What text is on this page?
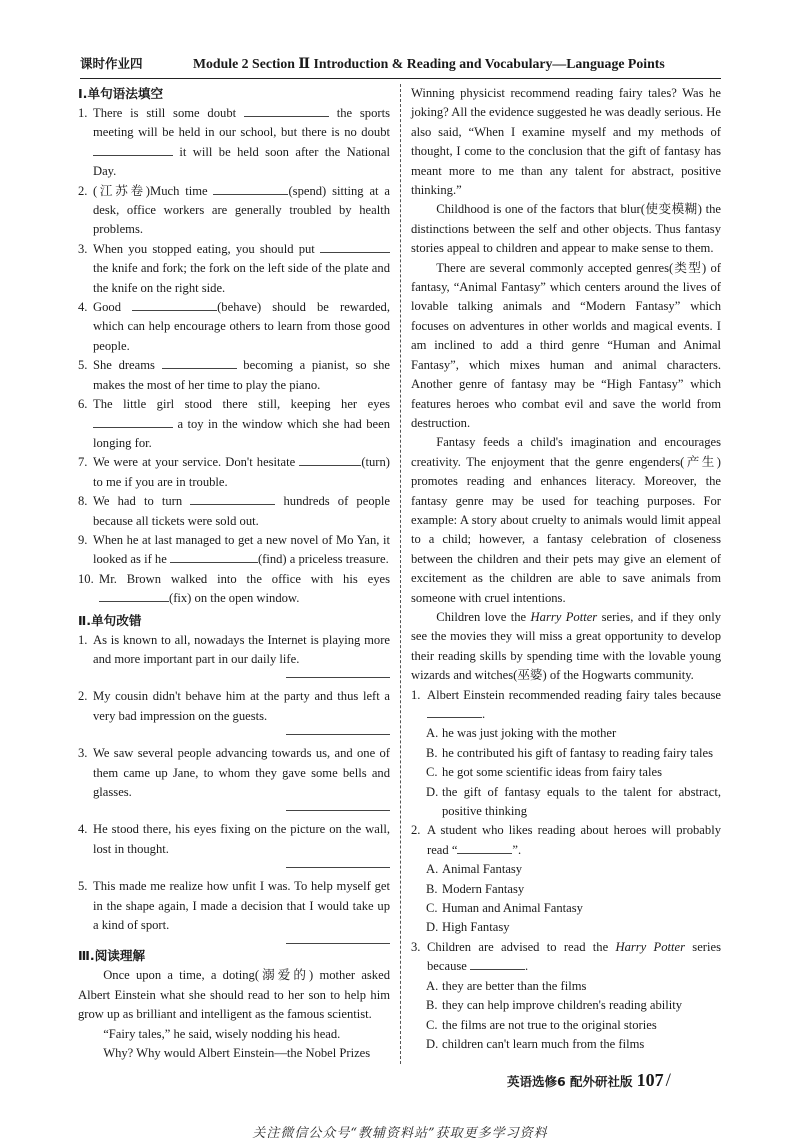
课时作业四	Module 2 Section Ⅱ Introduction & Reading and Vocabulary—Language Points
Ⅰ.单句语法填空
1. There is still some doubt	the sports meeting will be held in our school, but there is no doubt  it will be held soon after the National Day.
2. (江苏卷)Much time	(spend) sitting at a desk, office workers are generally troubled by health problems.
3. When you stopped eating, you should put  the knife and fork; the fork on the left side of the plate and the knife on the right side.
4. Good	(behave) should be rewarded, which can help encourage others to learn from those good people.
5. She dreams	becoming a pianist, so she makes the most of her time to play the piano.
6. The little girl stood there still, keeping her eyes  a toy in the window which she had been longing for.
7. We were at your service. Don't hesitate	(turn) to me if you are in trouble.
8. We had to turn	hundreds of people because all tickets were sold out.
9. When he at last managed to get a new novel of Mo Yan, it looked as if he	(find) a priceless treasure.
10. Mr. Brown walked into the office with his eyes (fix) on the open window.
Ⅱ.单句改错
1. As is known to all, nowadays the Internet is playing more and more important part in our daily life.
2. My cousin didn't behave him at the party and thus left a very bad impression on the guests.
3. We saw several people advancing towards us, and one of them came up Jane, to whom they gave some bells and glasses.
4. He stood there, his eyes fixing on the picture on the wall, lost in thought.
5. This made me realize how unfit I was. To help myself get in the shape again, I made a decision that I would take up a kind of sport.
Ⅲ.阅读理解
Once upon a time, a doting(溺爱的) mother asked Albert Einstein what she should read to her son to help him grow up as brilliant and intelligent as the famous scientist.
“Fairy tales,” he said, wisely nodding his head.
Why? Why would Albert Einstein—the Nobel Prizes
Winning physicist recommend reading fairy tales? Was he joking? All the evidence suggested he was deadly serious. He also said, “When I examine myself and my methods of thought, I come to the conclusion that the gift of fantasy has meant more to me than any talent for abstract, positive thinking.”
Childhood is one of the factors that blur(使变模糊) the distinctions between the self and other objects. Thus fantasy stories appeal to children and appear to make sense to them.
There are several commonly accepted genres(类型) of fantasy, “Animal Fantasy” which centers around the lives of lovable talking animals and “Modern Fantasy” which focuses on adventures in other worlds and magical events. I am inclined to add a third genre “Human and Animal Fantasy”, which mixes human and animal characters. Another genre of fantasy may be “High Fantasy” which features heroes who combat evil and save the world from destruction.
Fantasy feeds a child's imagination and encourages creativity. The enjoyment that the genre engenders(产生) promotes reading and enhances literacy. Moreover, the fantasy genre may be used for teaching purposes. For example: A story about cruelty to animals would limit appeal to a child; however, a fantasy celebration of closeness between the children and their pets may give an element of excitement as the children are able to save animals from someone with cruel intentions.
Children love the Harry Potter series, and if they only see the movies they will miss a great opportunity to develop their reading skills by spending time with the lovable young wizards and witches(巫婆) of the Hogwarts community.
1. Albert Einstein recommended reading fairy tales because .
A. he was just joking with the mother
B. he contributed his gift of fantasy to reading fairy tales
C. he got some scientific ideas from fairy tales
D. the gift of fantasy equals to the talent for abstract, positive thinking
2. A student who likes reading about heroes will probably read “	”.
A. Animal Fantasy
B. Modern Fantasy
C. Human and Animal Fantasy
D. High Fantasy
3. Children are advised to read the Harry Potter series because	.
A. they are better than the films
B. they can help improve children's reading ability
C. the films are not true to the original stories
D. children can't learn much from the films
英语选修6 配外研社版 107 /
关注微信公众号“教辅资料站”获取更多学习资料
